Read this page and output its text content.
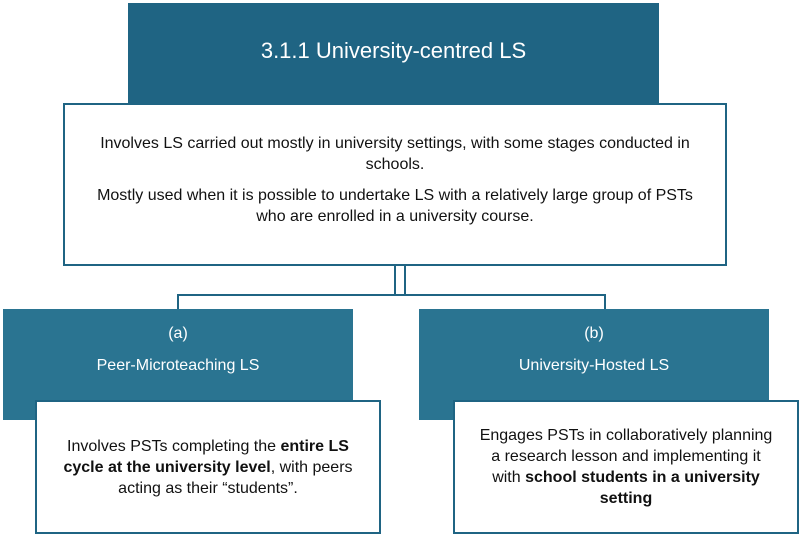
3.1.1 University-centred LS

Involves LS carried out mostly in university settings, with some stages conducted in schools.

Mostly used when it is possible to undertake LS with a relatively large group of PSTs who are enrolled in a university course.

(a)
Peer-Microteaching LS
(b)
University-Hosted LS
Involves PSTs completing the entire LS cycle at the university level, with peers acting as their “students”.
Engages PSTs in collaboratively planning a research lesson and implementing it with school students in a university setting
